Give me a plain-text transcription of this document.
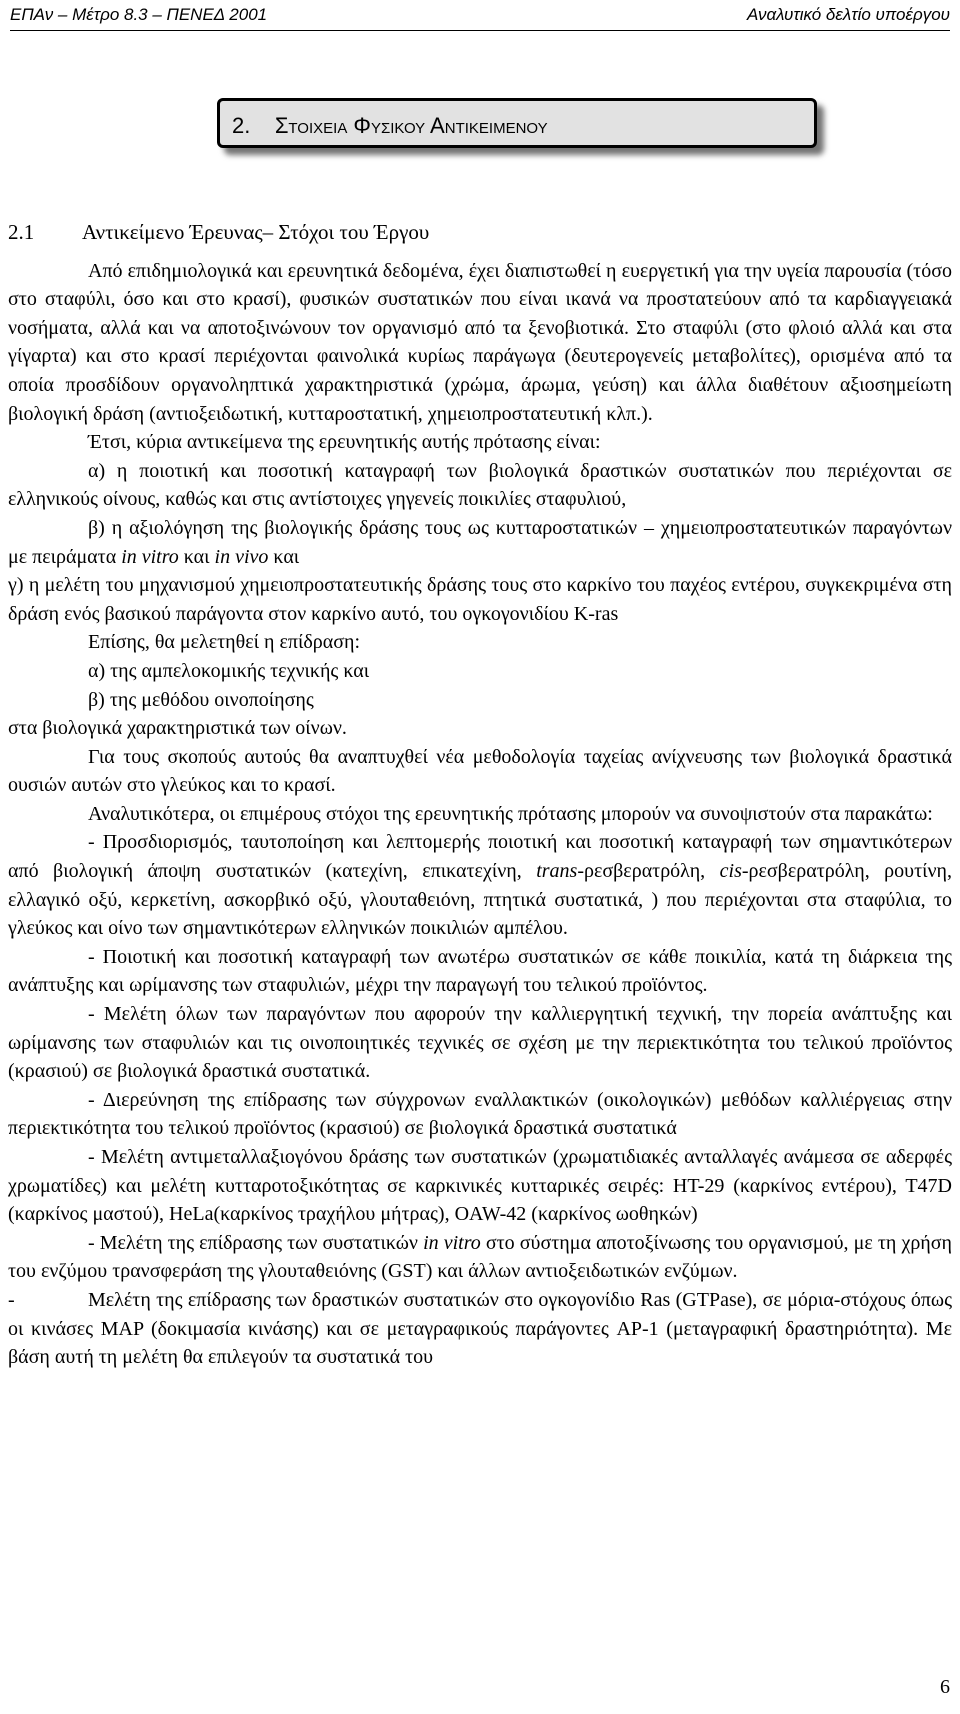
ΕΠΑν – Μέτρο 8.3 – ΠΕΝΕΔ 2001	Αναλυτικό δελτίο υποέργου
2. Στοιχεια Φυσικου Αντικειμενου

2.1 Αντικείμενο Έρευνας– Στόχοι του Έργου

Από επιδημιολογικά και ερευνητικά δεδομένα, έχει διαπιστωθεί η ευεργετική για την υγεία παρουσία (τόσο στο σταφύλι, όσο και στο κρασί), φυσικών συστατικών που είναι ικανά να προστατεύουν από τα καρδιαγγειακά νοσήματα, αλλά και να αποτοξινώνουν τον οργανισμό από τα ξενοβιοτικά. Στο σταφύλι (στο φλοιό αλλά και στα γίγαρτα) και στο κρασί περιέχονται φαινολικά κυρίως παράγωγα (δευτερογενείς μεταβολίτες), ορισμένα από τα οποία προσδίδουν οργανοληπτικά χαρακτηριστικά (χρώμα, άρωμα, γεύση) και άλλα διαθέτουν αξιοσημείωτη βιολογική δράση (αντιοξειδωτική, κυτταροστατική, χημειοπροστατευτική κλπ.).

Έτσι, κύρια αντικείμενα της ερευνητικής αυτής πρότασης είναι:

α) η ποιοτική και ποσοτική καταγραφή των βιολογικά δραστικών συστατικών που περιέχονται σε ελληνικούς οίνους, καθώς και στις αντίστοιχες γηγενείς ποικιλίες σταφυλιού,

β) η αξιολόγηση της βιολογικής δράσης τους ως κυτταροστατικών – χημειοπροστατευτικών παραγόντων με πειράματα in vitro και in vivo και

γ) η μελέτη του μηχανισμού χημειοπροστατευτικής δράσης τους στο καρκίνο του παχέος εντέρου, συγκεκριμένα στη δράση ενός βασικού παράγοντα στον καρκίνο αυτό, του ογκογονιδίου K-ras

Επίσης, θα μελετηθεί η επίδραση:

α) της αμπελοκομικής τεχνικής και

β) της μεθόδου οινοποίησης

στα βιολογικά χαρακτηριστικά των οίνων.

Για τους σκοπούς αυτούς θα αναπτυχθεί νέα μεθοδολογία ταχείας ανίχνευσης των βιολογικά δραστικά ουσιών αυτών στο γλεύκος και το κρασί.

Αναλυτικότερα, οι επιμέρους στόχοι της ερευνητικής πρότασης μπορούν να συνοψιστούν στα παρακάτω:

- Προσδιορισμός, ταυτοποίηση και λεπτομερής ποιοτική και ποσοτική καταγραφή των σημαντικότερων από βιολογική άποψη συστατικών (κατεχίνη, επικατεχίνη, trans-ρεσβερατρόλη, cis-ρεσβερατρόλη, ρουτίνη, ελλαγικό οξύ, κερκετίνη, ασκορβικό οξύ, γλουταθειόνη, πτητικά συστατικά, ) που περιέχονται στα σταφύλια, το γλεύκος και οίνο των σημαντικότερων ελληνικών ποικιλιών αμπέλου.

- Ποιοτική και ποσοτική καταγραφή των ανωτέρω συστατικών σε κάθε ποικιλία, κατά τη διάρκεια της ανάπτυξης και ωρίμανσης των σταφυλιών, μέχρι την παραγωγή του τελικού προϊόντος.

- Μελέτη όλων των παραγόντων που αφορούν την καλλιεργητική τεχνική, την πορεία ανάπτυξης και ωρίμανσης των σταφυλιών και τις οινοποιητικές τεχνικές σε σχέση με την περιεκτικότητα του τελικού προϊόντος (κρασιού) σε βιολογικά δραστικά συστατικά.

- Διερεύνηση της επίδρασης των σύγχρονων εναλλακτικών (οικολογικών) μεθόδων καλλιέργειας στην περιεκτικότητα του τελικού προϊόντος (κρασιού) σε βιολογικά δραστικά συστατικά

- Μελέτη αντιμεταλλαξιογόνου δράσης των συστατικών (χρωματιδιακές ανταλλαγές ανάμεσα σε αδερφές χρωματίδες) και μελέτη κυτταροτοξικότητας σε καρκινικές κυτταρικές σειρές: HT-29 (καρκίνος εντέρου), T47D (καρκίνος μαστού), HeLa(καρκίνος τραχήλου μήτρας), OAW-42 (καρκίνος ωοθηκών)

- Μελέτη της επίδρασης των συστατικών in vitro στο σύστημα αποτοξίνωσης του οργανισμού, με τη χρήση του ενζύμου τρανσφεράση της γλουταθειόνης (GST) και άλλων αντιοξειδωτικών ενζύμων.

-	Μελέτη της επίδρασης των δραστικών συστατικών στο ογκογονίδιο Ras (GTPase), σε μόρια-στόχους όπως οι κινάσες MAP (δοκιμασία κινάσης) και σε μεταγραφικούς παράγοντες AP-1 (μεταγραφική δραστηριότητα). Με βάση αυτή τη μελέτη θα επιλεγούν τα συστατικά του

6
